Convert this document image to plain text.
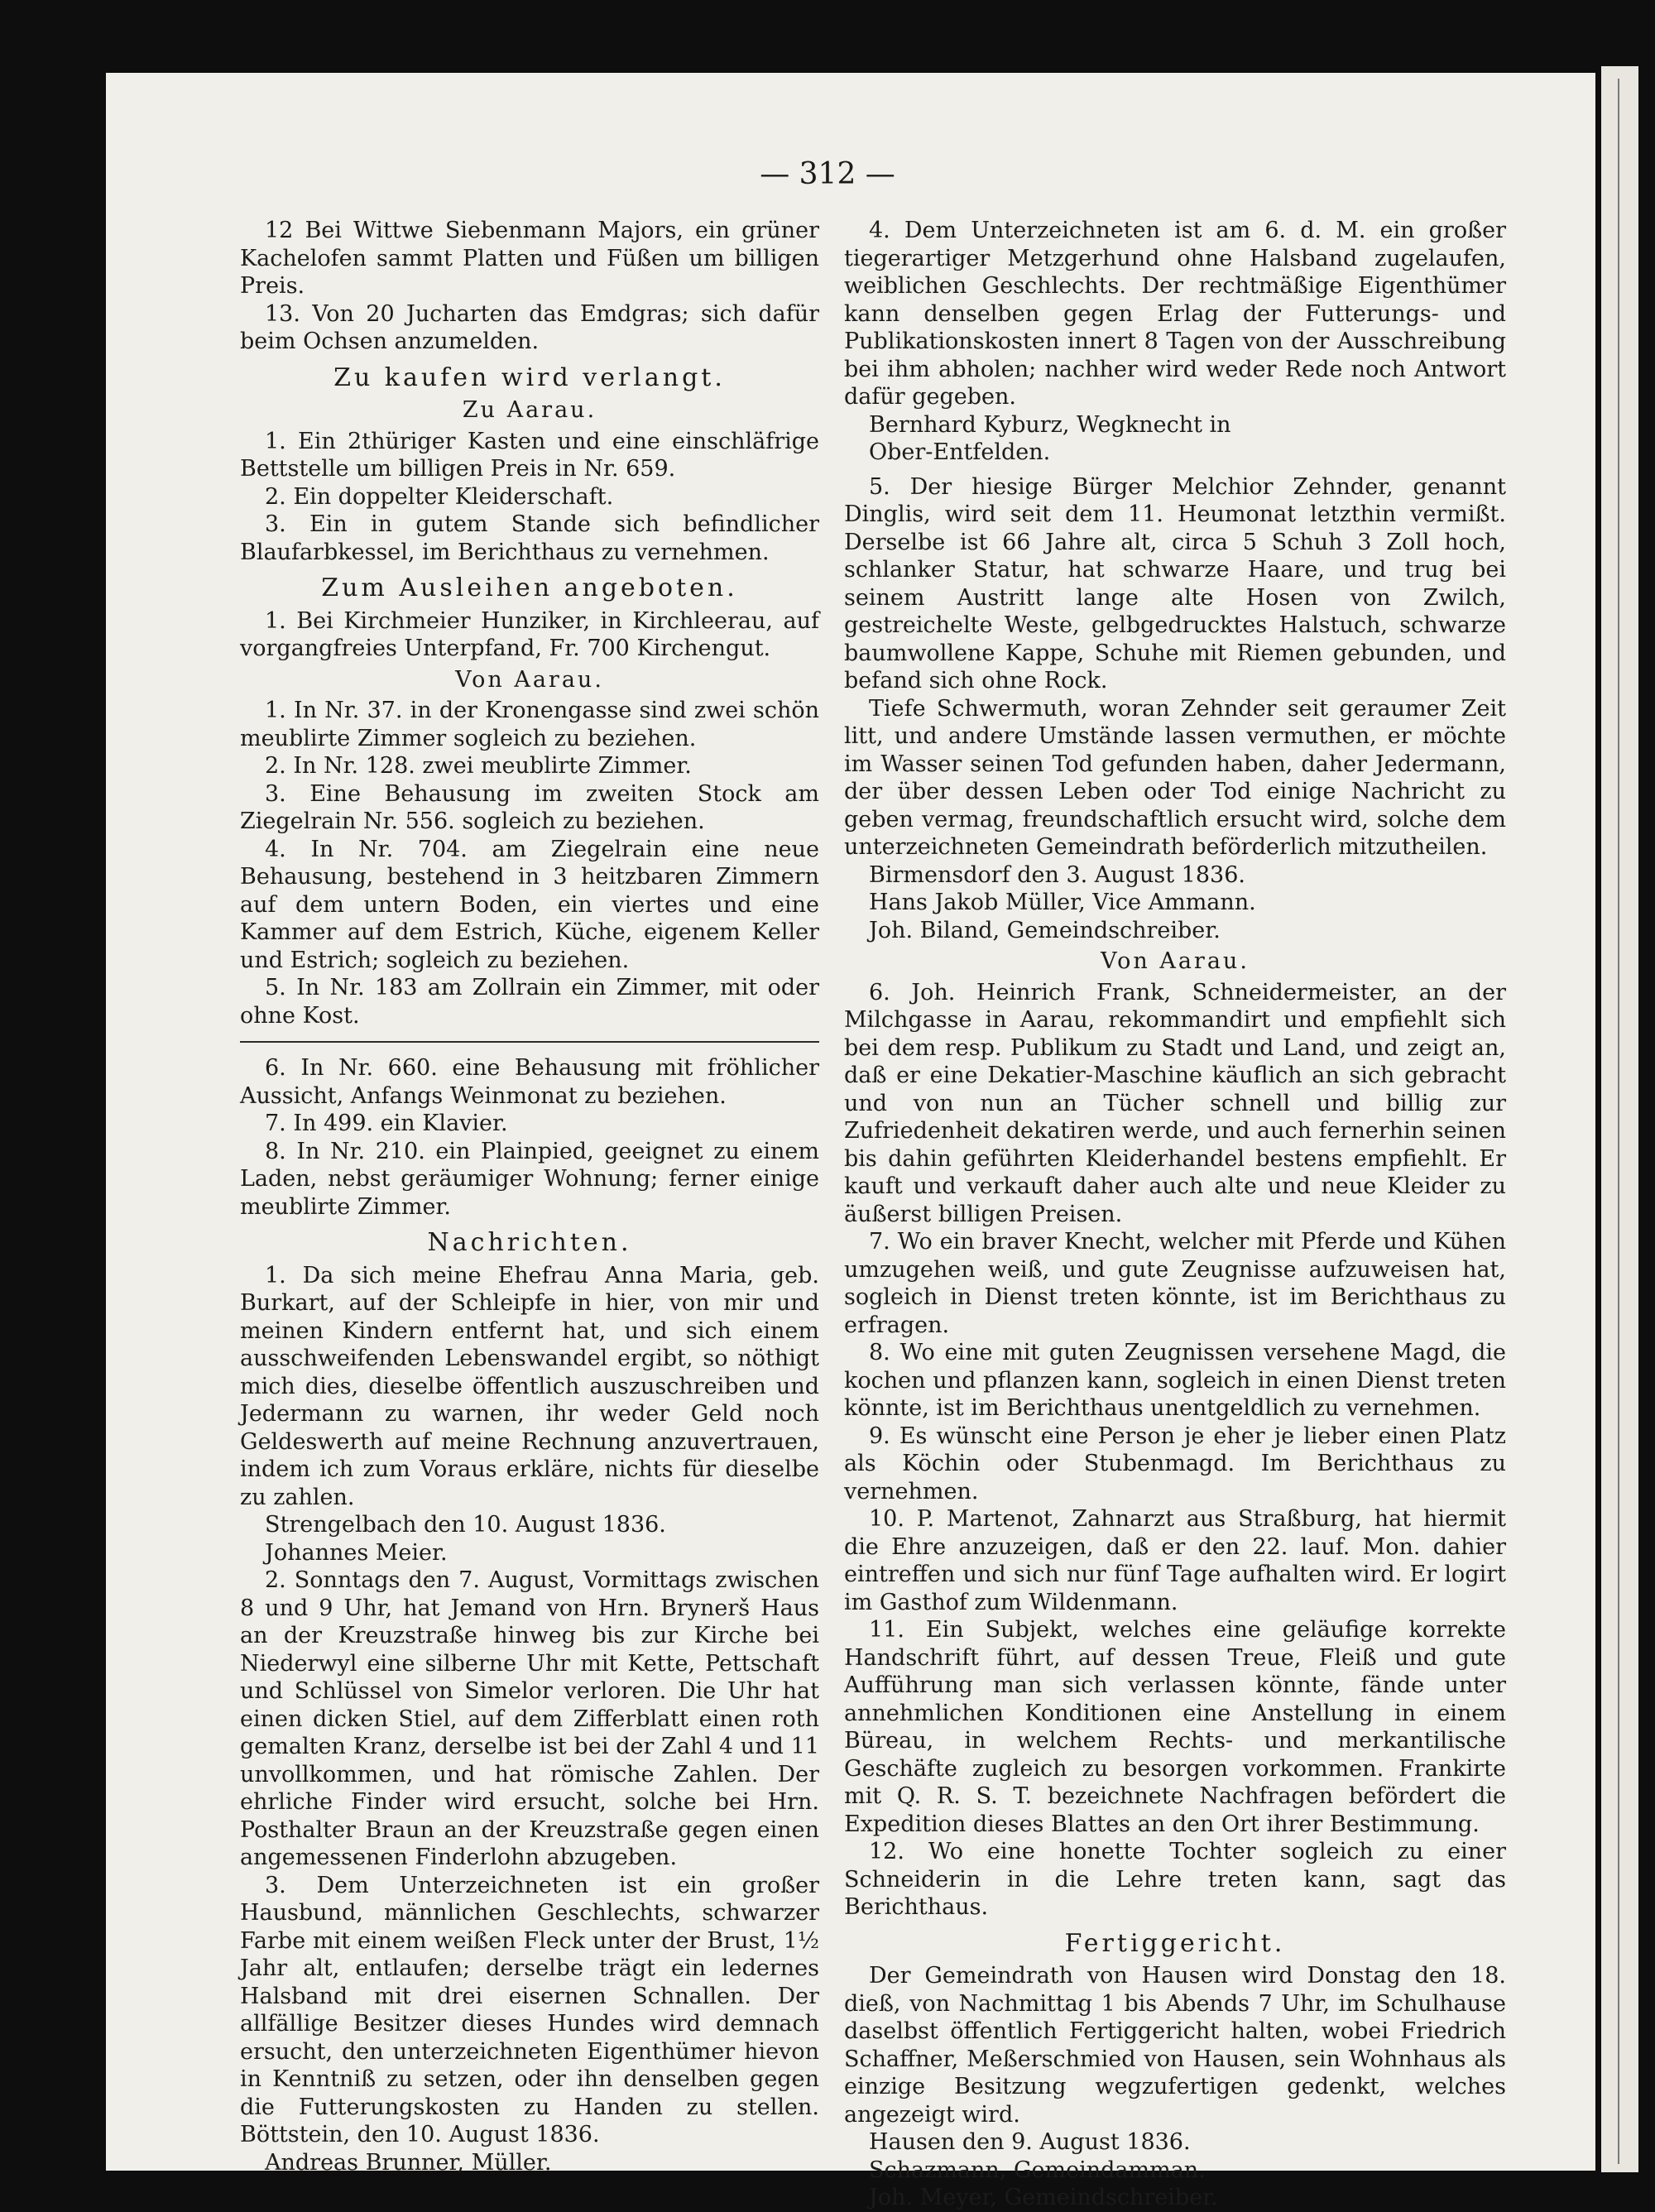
— 312 —

12 Bei Wittwe Siebenmann Majors, ein grüner Kachelofen sammt Platten und Füßen um billigen Preis.

13. Von 20 Jucharten das Emdgras; sich dafür beim Ochsen anzumelden.

Zu kaufen wird verlangt.
Zu Aarau.

1. Ein 2thüriger Kasten und eine einschläfrige Bettstelle um billigen Preis in Nr. 659.

2. Ein doppelter Kleiderschaft.

3. Ein in gutem Stande sich befindlicher Blaufarbkessel, im Berichthaus zu vernehmen.

Zum Ausleihen angeboten.

1. Bei Kirchmeier Hunziker, in Kirchleerau, auf vorgangfreies Unterpfand, Fr. 700 Kirchengut.

Von Aarau.

1. In Nr. 37. in der Kronengasse sind zwei schön meublirte Zimmer sogleich zu beziehen.

2. In Nr. 128. zwei meublirte Zimmer.

3. Eine Behausung im zweiten Stock am Ziegelrain Nr. 556. sogleich zu beziehen.

4. In Nr. 704. am Ziegelrain eine neue Behausung, bestehend in 3 heitzbaren Zimmern auf dem untern Boden, ein viertes und eine Kammer auf dem Estrich, Küche, eigenem Keller und Estrich; sogleich zu beziehen.

5. In Nr. 183 am Zollrain ein Zimmer, mit oder ohne Kost.

6. In Nr. 660. eine Behausung mit fröhlicher Aussicht, Anfangs Weinmonat zu beziehen.

7. In 499. ein Klavier.

8. In Nr. 210. ein Plainpied, geeignet zu einem Laden, nebst geräumiger Wohnung; ferner einige meublirte Zimmer.

Nachrichten.

1. Da sich meine Ehefrau Anna Maria, geb. Burkart, auf der Schleipfe in hier, von mir und meinen Kindern entfernt hat, und sich einem ausschweifenden Lebenswandel ergibt, so nöthigt mich dies, dieselbe öffentlich auszuschreiben und Jedermann zu warnen, ihr weder Geld noch Geldeswerth auf meine Rechnung anzuvertrauen, indem ich zum Voraus erkläre, nichts für dieselbe zu zahlen.

Strengelbach den 10. August 1836.

Johannes Meier.

2. Sonntags den 7. August, Vormittags zwischen 8 und 9 Uhr, hat Jemand von Hrn. Brynerš Haus an der Kreuzstraße hinweg bis zur Kirche bei Niederwyl eine silberne Uhr mit Kette, Pettschaft und Schlüssel von Simelor verloren. Die Uhr hat einen dicken Stiel, auf dem Zifferblatt einen roth gemalten Kranz, derselbe ist bei der Zahl 4 und 11 unvollkommen, und hat römische Zahlen. Der ehrliche Finder wird ersucht, solche bei Hrn. Posthalter Braun an der Kreuzstraße gegen einen angemessenen Finderlohn abzugeben.

3. Dem Unterzeichneten ist ein großer Hausbund, männlichen Geschlechts, schwarzer Farbe mit einem weißen Fleck unter der Brust, 1½ Jahr alt, entlaufen; derselbe trägt ein ledernes Halsband mit drei eisernen Schnallen. Der allfällige Besitzer dieses Hundes wird demnach ersucht, den unterzeichneten Eigenthümer hievon in Kenntniß zu setzen, oder ihn denselben gegen die Futterungskosten zu Handen zu stellen. Böttstein, den 10. August 1836.

Andreas Brunner, Müller.

4. Dem Unterzeichneten ist am 6. d. M. ein großer tiegerartiger Metzgerhund ohne Halsband zugelaufen, weiblichen Geschlechts. Der rechtmäßige Eigenthümer kann denselben gegen Erlag der Futterungs- und Publikationskosten innert 8 Tagen von der Ausschreibung bei ihm abholen; nachher wird weder Rede noch Antwort dafür gegeben.

Bernhard Kyburz, Wegknecht in

Ober-Entfelden.

5. Der hiesige Bürger Melchior Zehnder, genannt Dinglis, wird seit dem 11. Heumonat letzthin vermißt. Derselbe ist 66 Jahre alt, circa 5 Schuh 3 Zoll hoch, schlanker Statur, hat schwarze Haare, und trug bei seinem Austritt lange alte Hosen von Zwilch, gestreichelte Weste, gelbgedrucktes Halstuch, schwarze baumwollene Kappe, Schuhe mit Riemen gebunden, und befand sich ohne Rock.

Tiefe Schwermuth, woran Zehnder seit geraumer Zeit litt, und andere Umstände lassen vermuthen, er möchte im Wasser seinen Tod gefunden haben, daher Jedermann, der über dessen Leben oder Tod einige Nachricht zu geben vermag, freundschaftlich ersucht wird, solche dem unterzeichneten Gemeindrath beförderlich mitzutheilen.

Birmensdorf den 3. August 1836.

Hans Jakob Müller, Vice Ammann.

Joh. Biland, Gemeindschreiber.

Von Aarau.

6. Joh. Heinrich Frank, Schneidermeister, an der Milchgasse in Aarau, rekommandirt und empfiehlt sich bei dem resp. Publikum zu Stadt und Land, und zeigt an, daß er eine Dekatier-Maschine käuflich an sich gebracht und von nun an Tücher schnell und billig zur Zufriedenheit dekatiren werde, und auch fernerhin seinen bis dahin geführten Kleiderhandel bestens empfiehlt. Er kauft und verkauft daher auch alte und neue Kleider zu äußerst billigen Preisen.

7. Wo ein braver Knecht, welcher mit Pferde und Kühen umzugehen weiß, und gute Zeugnisse aufzuweisen hat, sogleich in Dienst treten könnte, ist im Berichthaus zu erfragen.

8. Wo eine mit guten Zeugnissen versehene Magd, die kochen und pflanzen kann, sogleich in einen Dienst treten könnte, ist im Berichthaus unentgeldlich zu vernehmen.

9. Es wünscht eine Person je eher je lieber einen Platz als Köchin oder Stubenmagd. Im Berichthaus zu vernehmen.

10. P. Martenot, Zahnarzt aus Straßburg, hat hiermit die Ehre anzuzeigen, daß er den 22. lauf. Mon. dahier eintreffen und sich nur fünf Tage aufhalten wird. Er logirt im Gasthof zum Wildenmann.

11. Ein Subjekt, welches eine geläufige korrekte Handschrift führt, auf dessen Treue, Fleiß und gute Aufführung man sich verlassen könnte, fände unter annehmlichen Konditionen eine Anstellung in einem Büreau, in welchem Rechts- und merkantilische Geschäfte zugleich zu besorgen vorkommen. Frankirte mit Q. R. S. T. bezeichnete Nachfragen befördert die Expedition dieses Blattes an den Ort ihrer Bestimmung.

12. Wo eine honette Tochter sogleich zu einer Schneiderin in die Lehre treten kann, sagt das Berichthaus.

Fertiggericht.

Der Gemeindrath von Hausen wird Donstag den 18. dieß, von Nachmittag 1 bis Abends 7 Uhr, im Schulhause daselbst öffentlich Fertiggericht halten, wobei Friedrich Schaffner, Meßerschmied von Hausen, sein Wohnhaus als einzige Besitzung wegzufertigen gedenkt, welches angezeigt wird.

Hausen den 9. August 1836.

Schazmann, Gemeindamman.

Joh. Meyer, Gemeindschreiber.
